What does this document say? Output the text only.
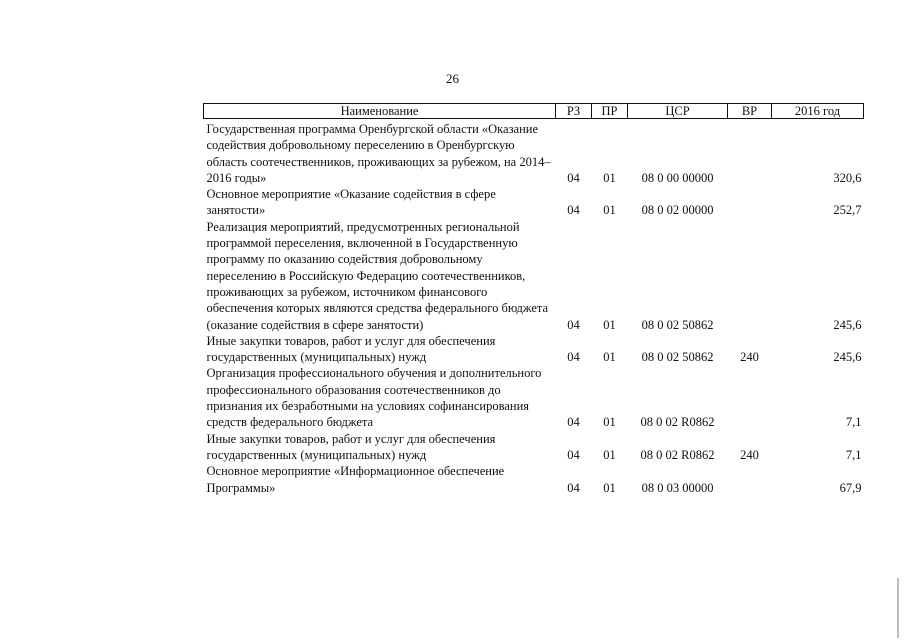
26
Наименование	РЗ	ПР	ЦСР	ВР	2016 год
Государственная программа Оренбургской области «Оказание содействия добровольному переселению в Оренбургскую область соотечественников, проживающих за рубежом, на 2014–2016 годы»	04	01	08 0 00 00000		320,6
Основное мероприятие «Оказание содействия в сфере занятости»	04	01	08 0 02 00000		252,7
Реализация мероприятий, предусмотренных региональной программой переселения, включенной в Государственную программу по оказанию содействия добровольному переселению в Российскую Федерацию соотечественников, проживающих за рубежом, источником финансового обеспечения которых являются средства федерального бюджета (оказание содействия в сфере занятости)	04	01	08 0 02 50862		245,6
Иные закупки товаров, работ и услуг для обеспечения государственных (муниципальных) нужд	04	01	08 0 02 50862	240	245,6
Организация профессионального обучения и дополнительного профессионального образования соотечественников до признания их безработными на условиях софинансирования средств федерального бюджета	04	01	08 0 02 R0862		7,1
Иные закупки товаров, работ и услуг для обеспечения государственных (муниципальных) нужд	04	01	08 0 02 R0862	240	7,1
Основное мероприятие «Информационное обеспечение Программы»	04	01	08 0 03 00000		67,9
